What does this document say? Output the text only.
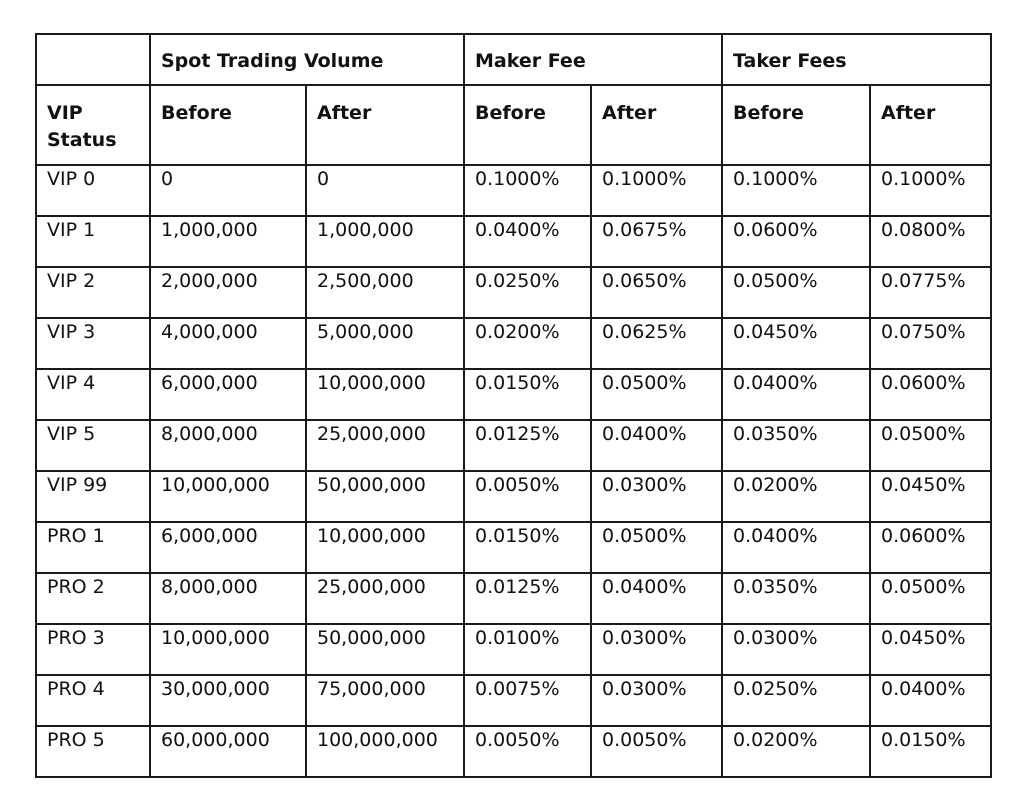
	Spot Trading Volume		Maker Fee		Taker Fees	
VIP Status	Before	After	Before	After	Before	After
VIP 0	0	0	0.1000%	0.1000%	0.1000%	0.1000%
VIP 1	1,000,000	1,000,000	0.0400%	0.0675%	0.0600%	0.0800%
VIP 2	2,000,000	2,500,000	0.0250%	0.0650%	0.0500%	0.0775%
VIP 3	4,000,000	5,000,000	0.0200%	0.0625%	0.0450%	0.0750%
VIP 4	6,000,000	10,000,000	0.0150%	0.0500%	0.0400%	0.0600%
VIP 5	8,000,000	25,000,000	0.0125%	0.0400%	0.0350%	0.0500%
VIP 99	10,000,000	50,000,000	0.0050%	0.0300%	0.0200%	0.0450%
PRO 1	6,000,000	10,000,000	0.0150%	0.0500%	0.0400%	0.0600%
PRO 2	8,000,000	25,000,000	0.0125%	0.0400%	0.0350%	0.0500%
PRO 3	10,000,000	50,000,000	0.0100%	0.0300%	0.0300%	0.0450%
PRO 4	30,000,000	75,000,000	0.0075%	0.0300%	0.0250%	0.0400%
PRO 5	60,000,000	100,000,000	0.0050%	0.0050%	0.0200%	0.0150%
